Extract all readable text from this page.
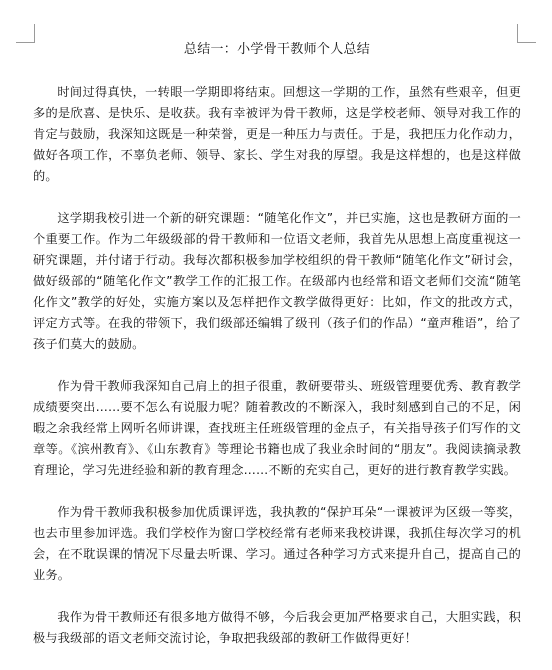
总结一：小学骨干教师个人总结

时间过得真快，一转眼一学期即将结束。回想这一学期的工作，虽然有些艰辛，但更多的是欣喜、是快乐、是收获。我有幸被评为骨干教师，这是学校老师、领导对我工作的肯定与鼓励，我深知这既是一种荣誉，更是一种压力与责任。于是，我把压力化作动力，做好各项工作，不辜负老师、领导、家长、学生对我的厚望。我是这样想的，也是这样做的。

这学期我校引进一个新的研究课题：“随笔化作文”，并已实施，这也是教研方面的一个重要工作。作为二年级级部的骨干教师和一位语文老师，我首先从思想上高度重视这一研究课题，并付诸于行动。我每次都积极参加学校组织的骨干教师“随笔化作文”研讨会，做好级部的“随笔化作文”教学工作的汇报工作。在级部内也经常和语文老师们交流“随笔化作文”教学的好处，实施方案以及怎样把作文教学做得更好：比如，作文的批改方式，评定方式等。在我的带领下，我们级部还编辑了级刊（孩子们的作品）“童声稚语”，给了孩子们莫大的鼓励。

作为骨干教师我深知自己肩上的担子很重，教研要带头、班级管理要优秀、教育教学成绩要突出……要不怎么有说服力呢？随着教改的不断深入，我时刻感到自己的不足，闲暇之余我经常上网听名师讲课，查找班主任班级管理的金点子，有关指导孩子们写作的文章等。《滨州教育》、《山东教育》等理论书籍也成了我业余时间的“朋友”。我阅读摘录教育理论，学习先进经验和新的教育理念……不断的充实自己，更好的进行教育教学实践。

作为骨干教师我积极参加优质课评选，我执教的“保护耳朵“一课被评为区级一等奖，也去市里参加评选。我们学校作为窗口学校经常有老师来我校讲课，我抓住每次学习的机会，在不耽误课的情况下尽量去听课、学习。通过各种学习方式来提升自己，提高自己的业务。

我作为骨干教师还有很多地方做得不够，今后我会更加严格要求自己，大胆实践，积极与我级部的语文老师交流讨论，争取把我级部的教研工作做得更好！
